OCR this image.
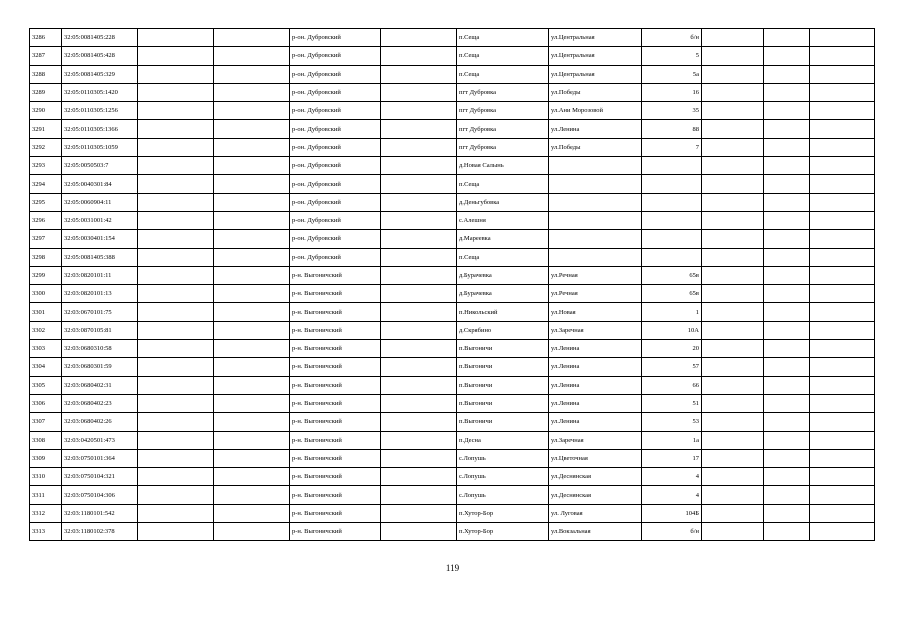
3286	32:05:0081405:228			р-он. Дубровский		п.Сеща	ул.Центральная	б/н			
3287	32:05:0081405:428			р-он. Дубровский		п.Сеща	ул.Центральная	5			
3288	32:05:0081405:329			р-он. Дубровский		п.Сеща	ул.Центральная	5а			
3289	32:05:0110305:1420			р-он. Дубровский		пгт Дубровка	ул.Победы	16			
3290	32:05:0110305:1256			р-он. Дубровский		пгт Дубровка	ул.Ани Морозовой	35			
3291	32:05:0110305:1366			р-он. Дубровский		пгт Дубровка	ул.Ленина	88			
3292	32:05:0110305:1059			р-он. Дубровский		пгт Дубровка	ул.Победы	7			
3293	32:05:0050503:7			р-он. Дубровский		д.Новая Салынь					
3294	32:05:0040301:84			р-он. Дубровский		п.Сеща					
3295	32:05:0060904:11			р-он. Дубровский		д.Деньгубовка					
3296	32:05:0031001:42			р-он. Дубровский		с.Алешня					
3297	32:05:0030401:154			р-он. Дубровский		д.Мареевка					
3298	32:05:0081405:388			р-он. Дубровский		п.Сеща					
3299	32:03:0820101:11			р-н. Выгоничский		д.Бурачевка	ул.Речная	65в			
3300	32:03:0820101:13			р-н. Выгоничский		д.Бурачевка	ул.Речная	65в			
3301	32:03:0670101:75			р-н. Выгоничский		п.Никольский	ул.Новая	1			
3302	32:03:0870105:81			р-н. Выгоничский		д.Скрябино	ул.Заречная	10А			
3303	32:03:0680310:58			р-н. Выгоничский		п.Выгоничи	ул.Ленина	20			
3304	32:03:0680301:59			р-н. Выгоничский		п.Выгоничи	ул.Ленина	57			
3305	32:03:0680402:31			р-н. Выгоничский		п.Выгоничи	ул.Ленина	66			
3306	32:03:0680402:23			р-н. Выгоничский		п.Выгоничи	ул.Ленина	51			
3307	32:03:0680402:26			р-н. Выгоничский		п.Выгоничи	ул.Ленина	53			
3308	32:03:0420501:473			р-н. Выгоничский		п.Десна	ул.Заречная	1а			
3309	32:03:0750101:364			р-н. Выгоничский		с.Лопушь	ул.Цветочная	17			
3310	32:03:0750104:321			р-н. Выгоничский		с.Лопушь	ул.Деснянская	4			
3311	32:03:0750104:306			р-н. Выгоничский		с.Лопушь	ул.Деснянская	4			
3312	32:03:1180101:542			р-н. Выгоничский		п.Хутор-Бор	ул. Луговая	104Б			
3313	32:03:1180102:378			р-н. Выгоничский		п.Хутор-Бор	ул.Вокзальная	б/н			
119
